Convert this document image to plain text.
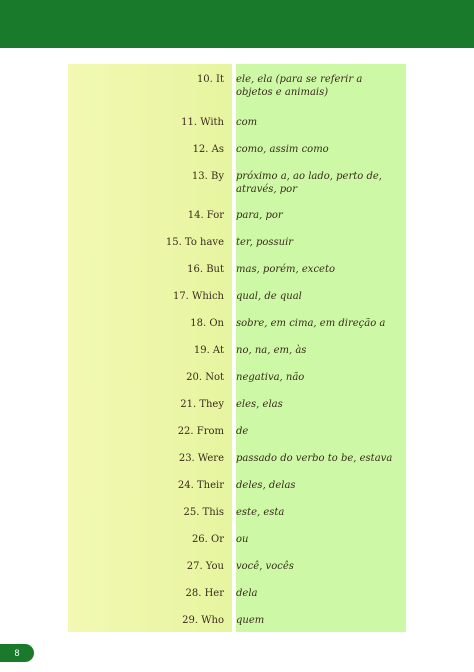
10. It	ele, ela (para se referir a objetos e animais)
11. With	com
12. As	como, assim como
13. By	próximo a, ao lado, perto de, através, por
14. For	para, por
15. To have	ter, possuir
16. But	mas, porém, exceto
17. Which	qual, de qual
18. On	sobre, em cima, em direção a
19. At	no, na, em, às
20. Not	negativa, não
21. They	eles, elas
22. From	de
23. Were	passado do verbo to be, estava
24. Their	deles, delas
25. This	este, esta
26. Or	ou
27. You	você, vocês
28. Her	dela
29. Who	quem
8
